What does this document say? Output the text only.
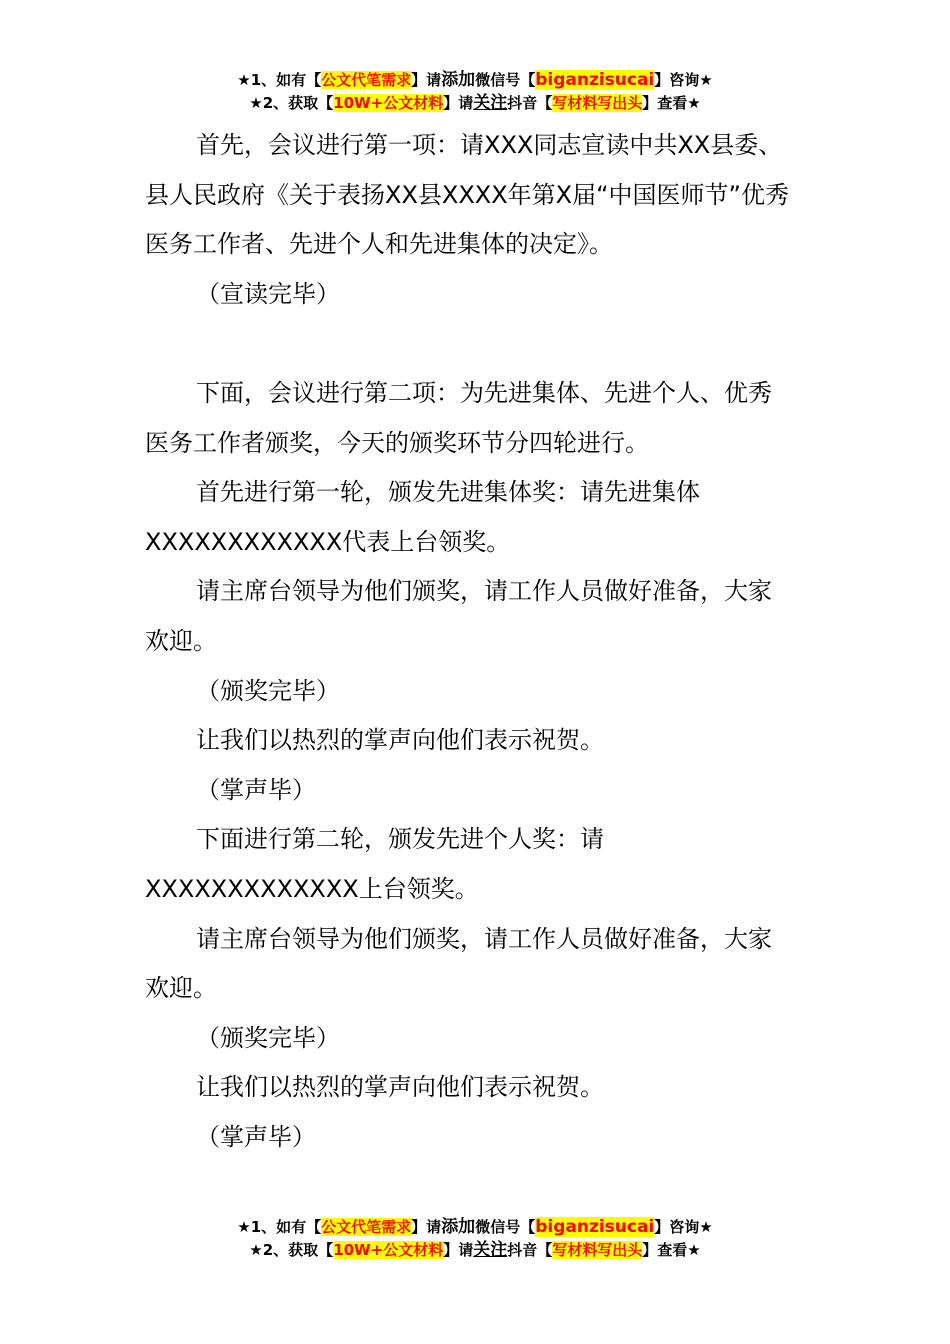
★1、如有【公文代笔需求】请添加微信号【biganzisucai】咨询★
★2、获取【10W+公文材料】请关注抖音【写材料写出头】查看★

首先，会议进行第一项：请XXX同志宣读中共XX县委、县人民政府《关于表扬XX县XXXX年第X届“中国医师节”优秀医务工作者、先进个人和先进集体的决定》。

（宣读完毕）

下面，会议进行第二项：为先进集体、先进个人、优秀医务工作者颁奖，今天的颁奖环节分四轮进行。

首先进行第一轮，颁发先进集体奖：请先进集体XXXXXXXXXXXX代表上台领奖。

请主席台领导为他们颁奖，请工作人员做好准备，大家欢迎。

（颁奖完毕）

让我们以热烈的掌声向他们表示祝贺。

（掌声毕）

下面进行第二轮，颁发先进个人奖：请XXXXXXXXXXXXX上台领奖。

请主席台领导为他们颁奖，请工作人员做好准备，大家欢迎。

（颁奖完毕）

让我们以热烈的掌声向他们表示祝贺。

（掌声毕）

★1、如有【公文代笔需求】请添加微信号【biganzisucai】咨询★
★2、获取【10W+公文材料】请关注抖音【写材料写出头】查看★
